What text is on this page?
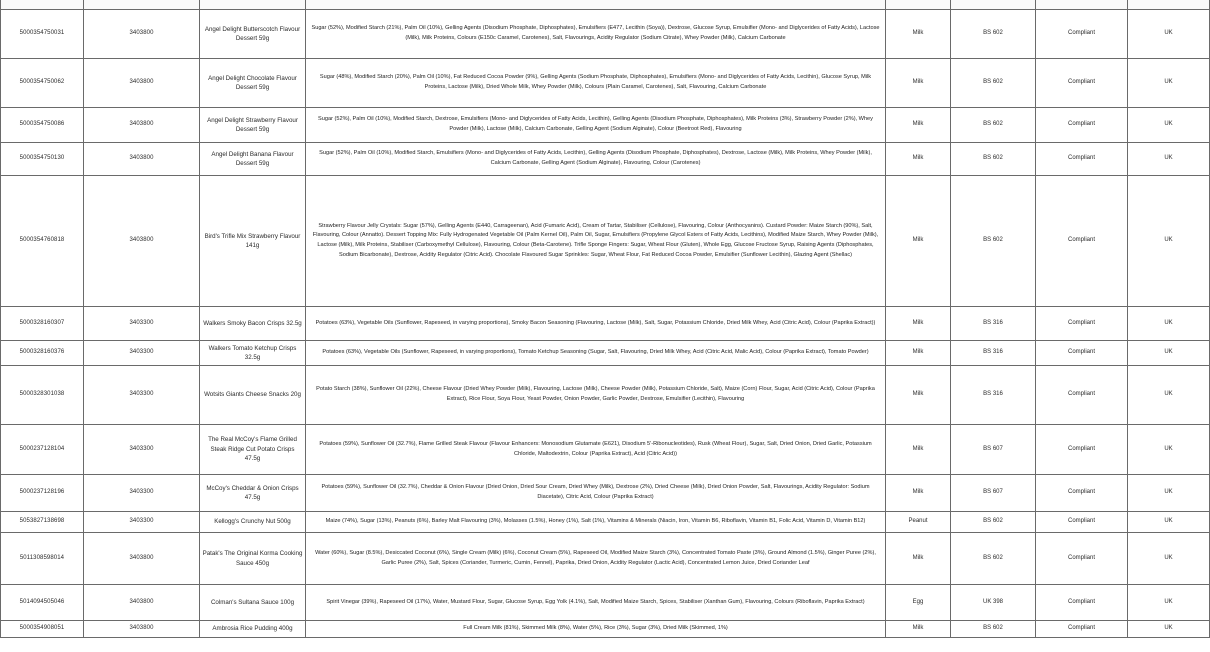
5000354750031	3403800	Angel Delight Butterscotch Flavour Dessert 59g	Sugar (52%), Modified Starch (21%), Palm Oil (10%), Gelling Agents (Disodium Phosphate, Diphosphates), Emulsifiers (E477, Lecithin (Soya)), Dextrose, Glucose Syrup, Emulsifier (Mono- and Diglycerides of Fatty Acids), Lactose (Milk), Milk Proteins, Colours (E150c Caramel, Carotenes), Salt, Flavourings, Acidity Regulator (Sodium Citrate), Whey Powder (Milk), Calcium Carbonate	Milk	BS 602	Compliant	UK
5000354750062	3403800	Angel Delight Chocolate Flavour Dessert 59g	Sugar (48%), Modified Starch (20%), Palm Oil (10%), Fat Reduced Cocoa Powder (9%), Gelling Agents (Sodium Phosphate, Diphosphates), Emulsifiers (Mono- and Diglycerides of Fatty Acids, Lecithin), Glucose Syrup, Milk Proteins, Lactose (Milk), Dried Whole Milk, Whey Powder (Milk), Colours (Plain Caramel, Carotenes), Salt, Flavouring, Calcium Carbonate	Milk	BS 602	Compliant	UK
5000354750086	3403800	Angel Delight Strawberry Flavour Dessert 59g	Sugar (52%), Palm Oil (10%), Modified Starch, Dextrose, Emulsifiers (Mono- and Diglycerides of Fatty Acids, Lecithin), Gelling Agents (Disodium Phosphate, Diphosphates), Milk Proteins (3%), Strawberry Powder (2%), Whey Powder (Milk), Lactose (Milk), Calcium Carbonate, Gelling Agent (Sodium Alginate), Colour (Beetroot Red), Flavouring	Milk	BS 602	Compliant	UK
5000354750130	3403800	Angel Delight Banana Flavour Dessert 59g	Sugar (52%), Palm Oil (10%), Modified Starch, Emulsifiers (Mono- and Diglycerides of Fatty Acids, Lecithin), Gelling Agents (Disodium Phosphate, Diphosphates), Dextrose, Lactose (Milk), Milk Proteins, Whey Powder (Milk), Calcium Carbonate, Gelling Agent (Sodium Alginate), Flavouring, Colour (Carotenes)	Milk	BS 602	Compliant	UK
5000354760818	3403800	Bird's Trifle Mix Strawberry Flavour 141g	Strawberry Flavour Jelly Crystals: Sugar (57%), Gelling Agents (E440, Carrageenan), Acid (Fumaric Acid), Cream of Tartar, Stabiliser (Cellulose), Flavouring, Colour (Anthocyanins). Custard Powder: Maize Starch (90%), Salt, Flavouring, Colour (Annatto). Dessert Topping Mix: Fully Hydrogenated Vegetable Oil (Palm Kernel Oil), Palm Oil, Sugar, Emulsifiers (Propylene Glycol Esters of Fatty Acids, Lecithins), Modified Maize Starch, Whey Powder (Milk), Lactose (Milk), Milk Proteins, Stabiliser (Carboxymethyl Cellulose), Flavouring, Colour (Beta-Carotene). Trifle Sponge Fingers: Sugar, Wheat Flour (Gluten), Whole Egg, Glucose Fructose Syrup, Raising Agents (Diphosphates, Sodium Bicarbonate), Dextrose, Acidity Regulator (Citric Acid). Chocolate Flavoured Sugar Sprinkles: Sugar, Wheat Flour, Fat Reduced Cocoa Powder, Emulsifier (Sunflower Lecithin), Glazing Agent (Shellac)	Milk	BS 602	Compliant	UK
5000328160307	3403300	Walkers Smoky Bacon Crisps 32.5g	Potatoes (63%), Vegetable Oils (Sunflower, Rapeseed, in varying proportions), Smoky Bacon Seasoning (Flavouring, Lactose (Milk), Salt, Sugar, Potassium Chloride, Dried Milk Whey, Acid (Citric Acid), Colour (Paprika Extract))	Milk	BS 316	Compliant	UK
5000328160376	3403300	Walkers Tomato Ketchup Crisps 32.5g	Potatoes (63%), Vegetable Oils (Sunflower, Rapeseed, in varying proportions), Tomato Ketchup Seasoning (Sugar, Salt, Flavouring, Dried Milk Whey, Acid (Citric Acid, Malic Acid), Colour (Paprika Extract), Tomato Powder)	Milk	BS 316	Compliant	UK
5000328301038	3403300	Wotsits Giants Cheese Snacks 20g	Potato Starch (38%), Sunflower Oil (22%), Cheese Flavour (Dried Whey Powder (Milk), Flavouring, Lactose (Milk), Cheese Powder (Milk), Potassium Chloride, Salt), Maize (Corn) Flour, Sugar, Acid (Citric Acid), Colour (Paprika Extract), Rice Flour, Soya Flour, Yeast Powder, Onion Powder, Garlic Powder, Dextrose, Emulsifier (Lecithin), Flavouring	Milk	BS 316	Compliant	UK
5000237128104	3403300	The Real McCoy's Flame Grilled Steak Ridge Cut Potato Crisps 47.5g	Potatoes (59%), Sunflower Oil (32.7%), Flame Grilled Steak Flavour (Flavour Enhancers: Monosodium Glutamate (E621), Disodium 5'-Ribonucleotides), Rusk (Wheat Flour), Sugar, Salt, Dried Onion, Dried Garlic, Potassium Chloride, Maltodextrin, Colour (Paprika Extract), Acid (Citric Acid))	Milk	BS 607	Compliant	UK
5000237128196	3403300	McCoy's Cheddar & Onion Crisps 47.5g	Potatoes (59%), Sunflower Oil (32.7%), Cheddar & Onion Flavour (Dried Onion, Dried Sour Cream, Dried Whey (Milk), Dextrose (2%), Dried Cheese (Milk), Dried Onion Powder, Salt, Flavourings, Acidity Regulator: Sodium Diacetate), Citric Acid, Colour (Paprika Extract)	Milk	BS 607	Compliant	UK
5053827138698	3403300	Kellogg's Crunchy Nut 500g	Maize (74%), Sugar (13%), Peanuts (6%), Barley Malt Flavouring (3%), Molasses (1.5%), Honey (1%), Salt (1%), Vitamins & Minerals (Niacin, Iron, Vitamin B6, Riboflavin, Vitamin B1, Folic Acid, Vitamin D, Vitamin B12)	Peanut	BS 602	Compliant	UK
5011308598014	3403800	Patak's The Original Korma Cooking Sauce 450g	Water (60%), Sugar (8.5%), Desiccated Coconut (6%), Single Cream (Milk) (6%), Coconut Cream (5%), Rapeseed Oil, Modified Maize Starch (3%), Concentrated Tomato Paste (3%), Ground Almond (1.5%), Ginger Puree (2%), Garlic Puree (2%), Salt, Spices (Coriander, Turmeric, Cumin, Fennel), Paprika, Dried Onion, Acidity Regulator (Lactic Acid), Concentrated Lemon Juice, Dried Coriander Leaf	Milk	BS 602	Compliant	UK
5014094505046	3403800	Colman's Sultana Sauce 100g	Spirit Vinegar (39%), Rapeseed Oil (17%), Water, Mustard Flour, Sugar, Glucose Syrup, Egg Yolk (4.1%), Salt, Modified Maize Starch, Spices, Stabiliser (Xanthan Gum), Flavouring, Colours (Riboflavin, Paprika Extract)	Egg	UK 398	Compliant	UK
5000354908051	3403800	Ambrosia Rice Pudding 400g	Full Cream Milk (81%), Skimmed Milk (8%), Water (5%), Rice (3%), Sugar (3%), Dried Milk (Skimmed, 1%)	Milk	BS 602	Compliant	UK
